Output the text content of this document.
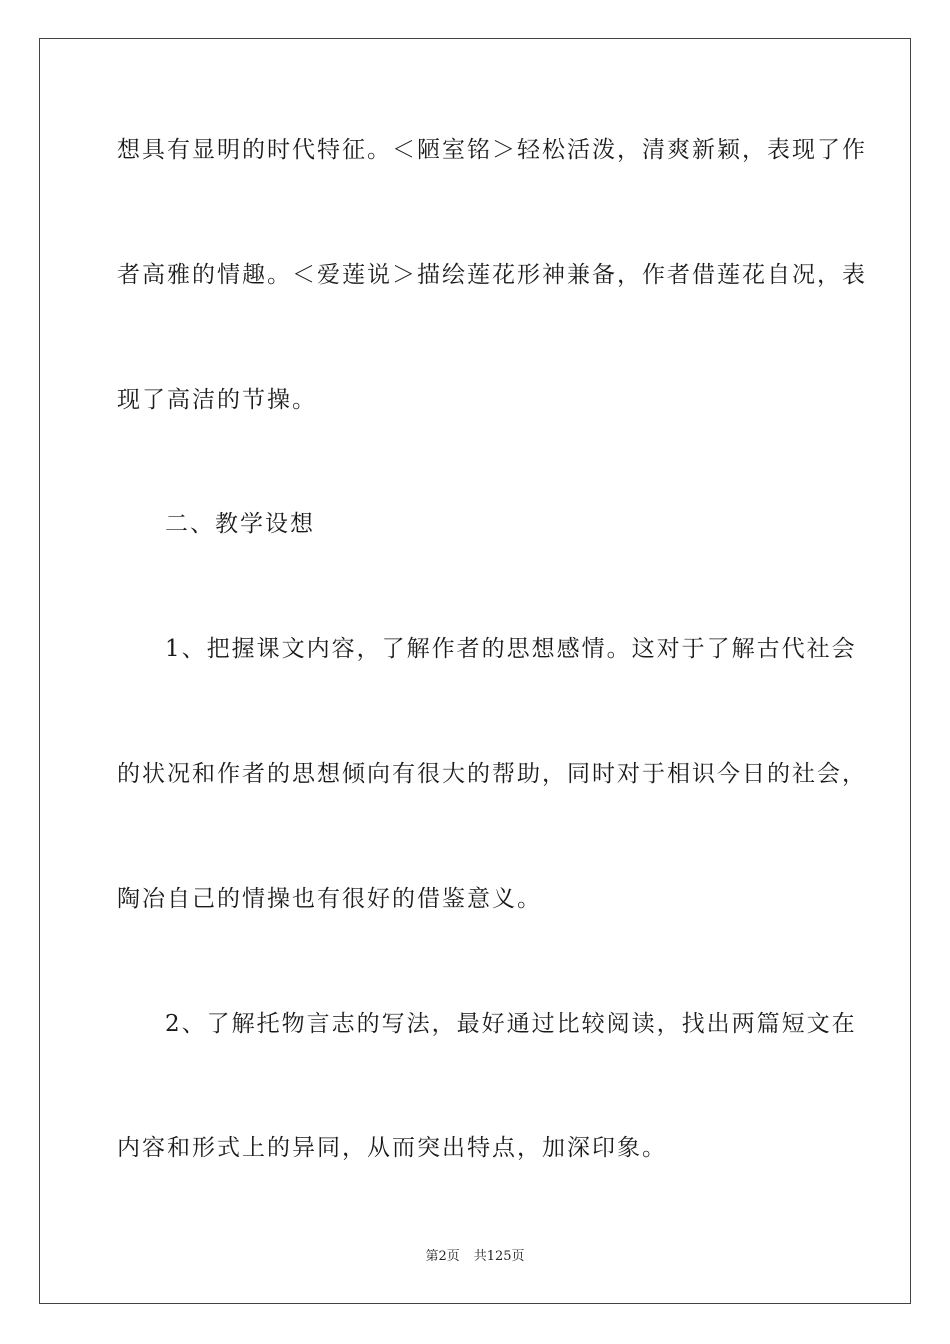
想具有显明的时代特征。＜陋室铭＞轻松活泼，清爽新颖，表现了作
者高雅的情趣。＜爱莲说＞描绘莲花形神兼备，作者借莲花自况，表
现了高洁的节操。
二、教学设想
1、把握课文内容，了解作者的思想感情。这对于了解古代社会
的状况和作者的思想倾向有很大的帮助，同时对于相识今日的社会，
陶冶自己的情操也有很好的借鉴意义。
2、了解托物言志的写法，最好通过比较阅读，找出两篇短文在
内容和形式上的异同，从而突出特点，加深印象。
第2页 共125页
